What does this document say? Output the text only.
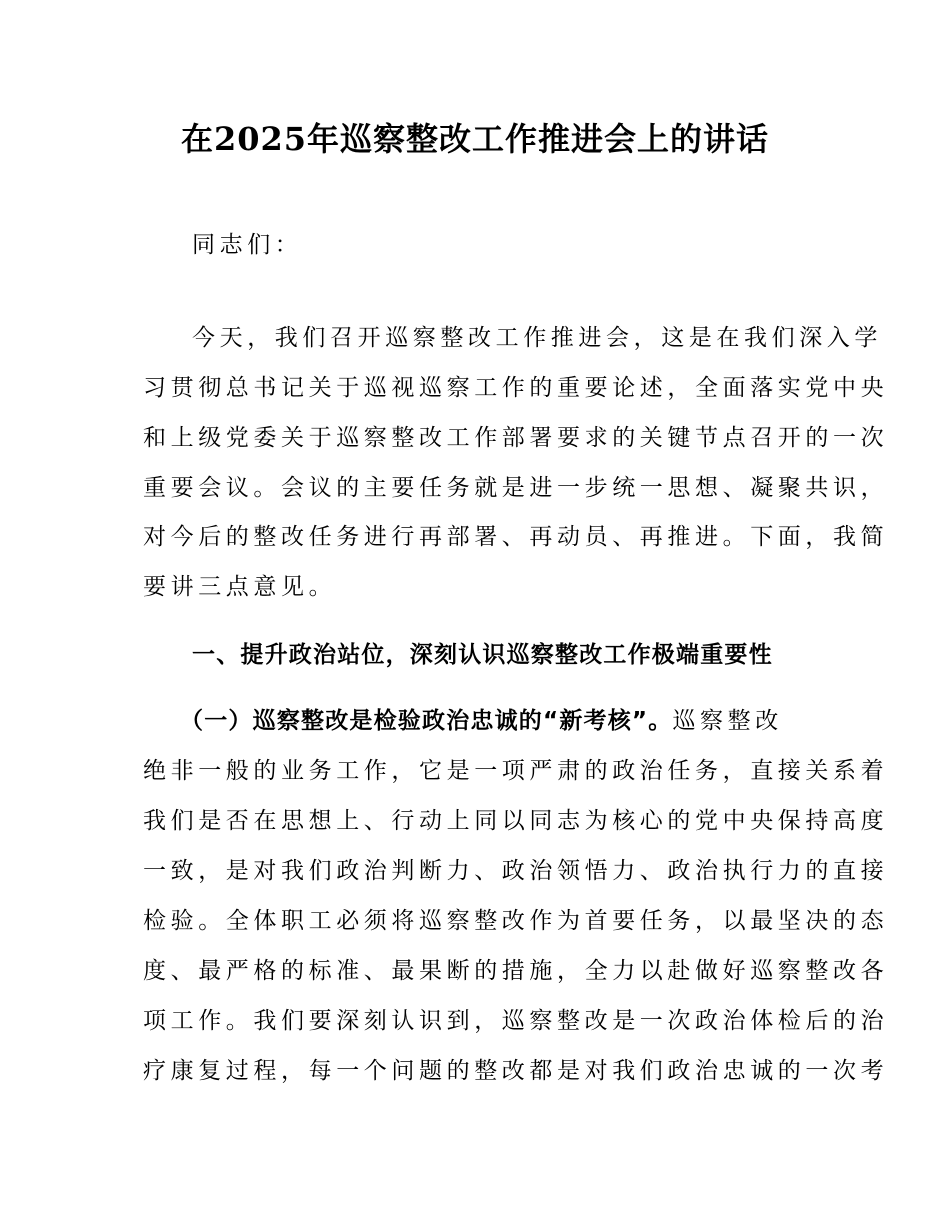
在2025年巡察整改工作推进会上的讲话
同志们：
今天，我们召开巡察整改工作推进会，这是在我们深入学
习贯彻总书记关于巡视巡察工作的重要论述，全面落实党中央
和上级党委关于巡察整改工作部署要求的关键节点召开的一次
重要会议。会议的主要任务就是进一步统一思想、凝聚共识，
对今后的整改任务进行再部署、再动员、再推进。下面，我简
要讲三点意见。
一、提升政治站位，深刻认识巡察整改工作极端重要性
（一）巡察整改是检验政治忠诚的“新考核”。巡察整改
绝非一般的业务工作，它是一项严肃的政治任务，直接关系着
我们是否在思想上、行动上同以同志为核心的党中央保持高度
一致，是对我们政治判断力、政治领悟力、政治执行力的直接
检验。全体职工必须将巡察整改作为首要任务，以最坚决的态
度、最严格的标准、最果断的措施，全力以赴做好巡察整改各
项工作。我们要深刻认识到，巡察整改是一次政治体检后的治
疗康复过程，每一个问题的整改都是对我们政治忠诚的一次考
